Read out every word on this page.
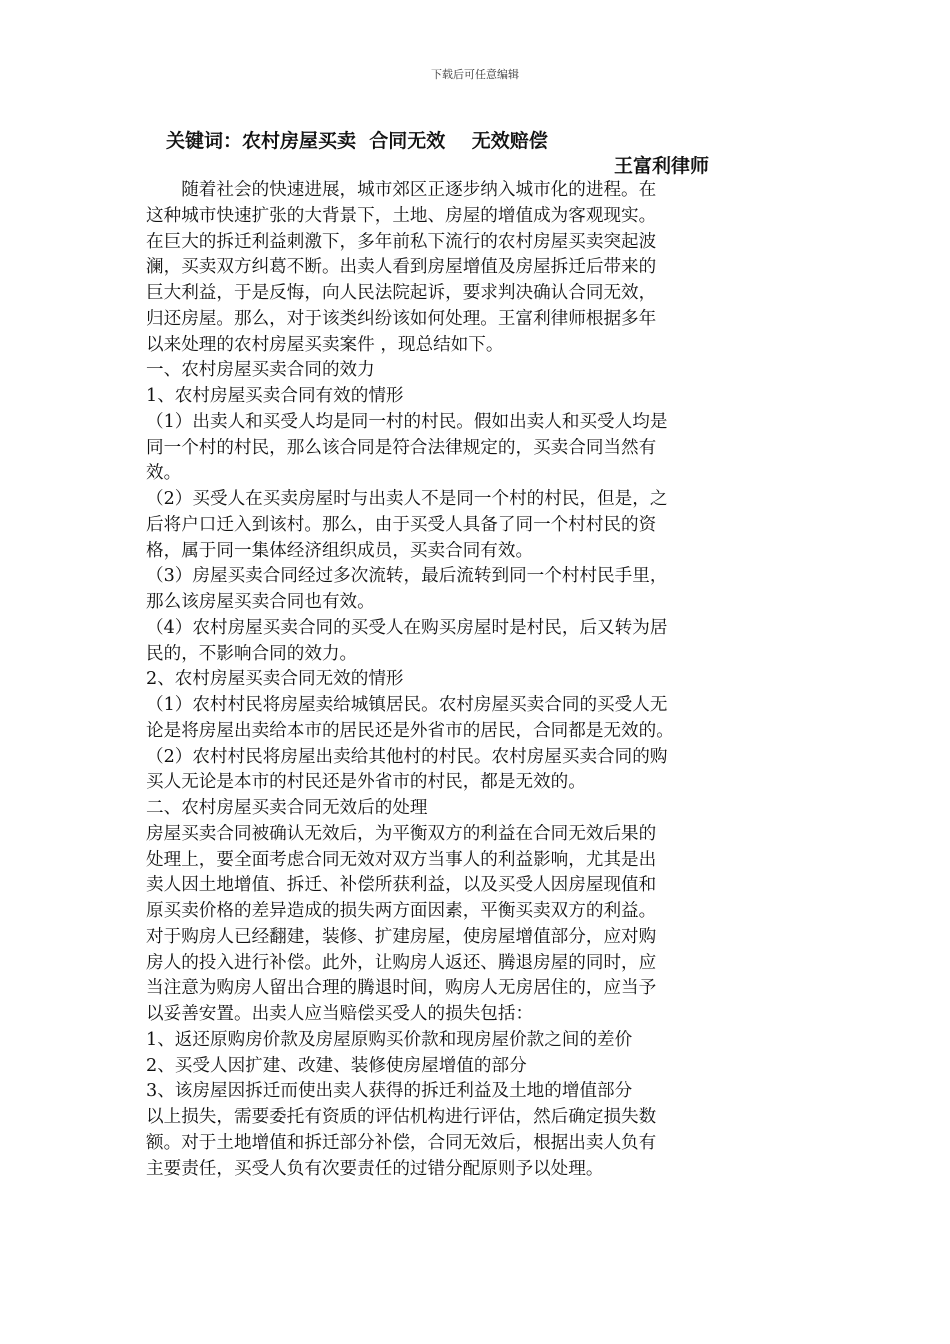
下载后可任意编辑
关键词：农村房屋买卖  合同无效    无效赔偿
王富利律师

　　随着社会的快速进展，城市郊区正逐步纳入城市化的进程。在

这种城市快速扩张的大背景下，土地、房屋的增值成为客观现实。

在巨大的拆迁利益刺激下，多年前私下流行的农村房屋买卖突起波

澜，买卖双方纠葛不断。出卖人看到房屋增值及房屋拆迁后带来的

巨大利益，于是反悔，向人民法院起诉，要求判决确认合同无效，

归还房屋。那么，对于该类纠纷该如何处理。王富利律师根据多年

以来处理的农村房屋买卖案件 ，现总结如下。

一、农村房屋买卖合同的效力

1、农村房屋买卖合同有效的情形

（1）出卖人和买受人均是同一村的村民。假如出卖人和买受人均是

同一个村的村民，那么该合同是符合法律规定的，买卖合同当然有

效。

（2）买受人在买卖房屋时与出卖人不是同一个村的村民，但是，之

后将户口迁入到该村。那么，由于买受人具备了同一个村村民的资

格，属于同一集体经济组织成员，买卖合同有效。

（3）房屋买卖合同经过多次流转，最后流转到同一个村村民手里，

那么该房屋买卖合同也有效。

（4）农村房屋买卖合同的买受人在购买房屋时是村民，后又转为居

民的，不影响合同的效力。

2、农村房屋买卖合同无效的情形

（1）农村村民将房屋卖给城镇居民。农村房屋买卖合同的买受人无

论是将房屋出卖给本市的居民还是外省市的居民，合同都是无效的。

（2）农村村民将房屋出卖给其他村的村民。农村房屋买卖合同的购

买人无论是本市的村民还是外省市的村民，都是无效的。

二、农村房屋买卖合同无效后的处理

房屋买卖合同被确认无效后，为平衡双方的利益在合同无效后果的

处理上，要全面考虑合同无效对双方当事人的利益影响，尤其是出

卖人因土地增值、拆迁、补偿所获利益，以及买受人因房屋现值和

原买卖价格的差异造成的损失两方面因素，平衡买卖双方的利益。

对于购房人已经翻建，装修、扩建房屋，使房屋增值部分，应对购

房人的投入进行补偿。此外，让购房人返还、腾退房屋的同时，应

当注意为购房人留出合理的腾退时间，购房人无房居住的，应当予

以妥善安置。出卖人应当赔偿买受人的损失包括：

1、返还原购房价款及房屋原购买价款和现房屋价款之间的差价

2、买受人因扩建、改建、装修使房屋增值的部分

3、该房屋因拆迁而使出卖人获得的拆迁利益及土地的增值部分

以上损失，需要委托有资质的评估机构进行评估，然后确定损失数

额。对于土地增值和拆迁部分补偿，合同无效后，根据出卖人负有

主要责任，买受人负有次要责任的过错分配原则予以处理。
